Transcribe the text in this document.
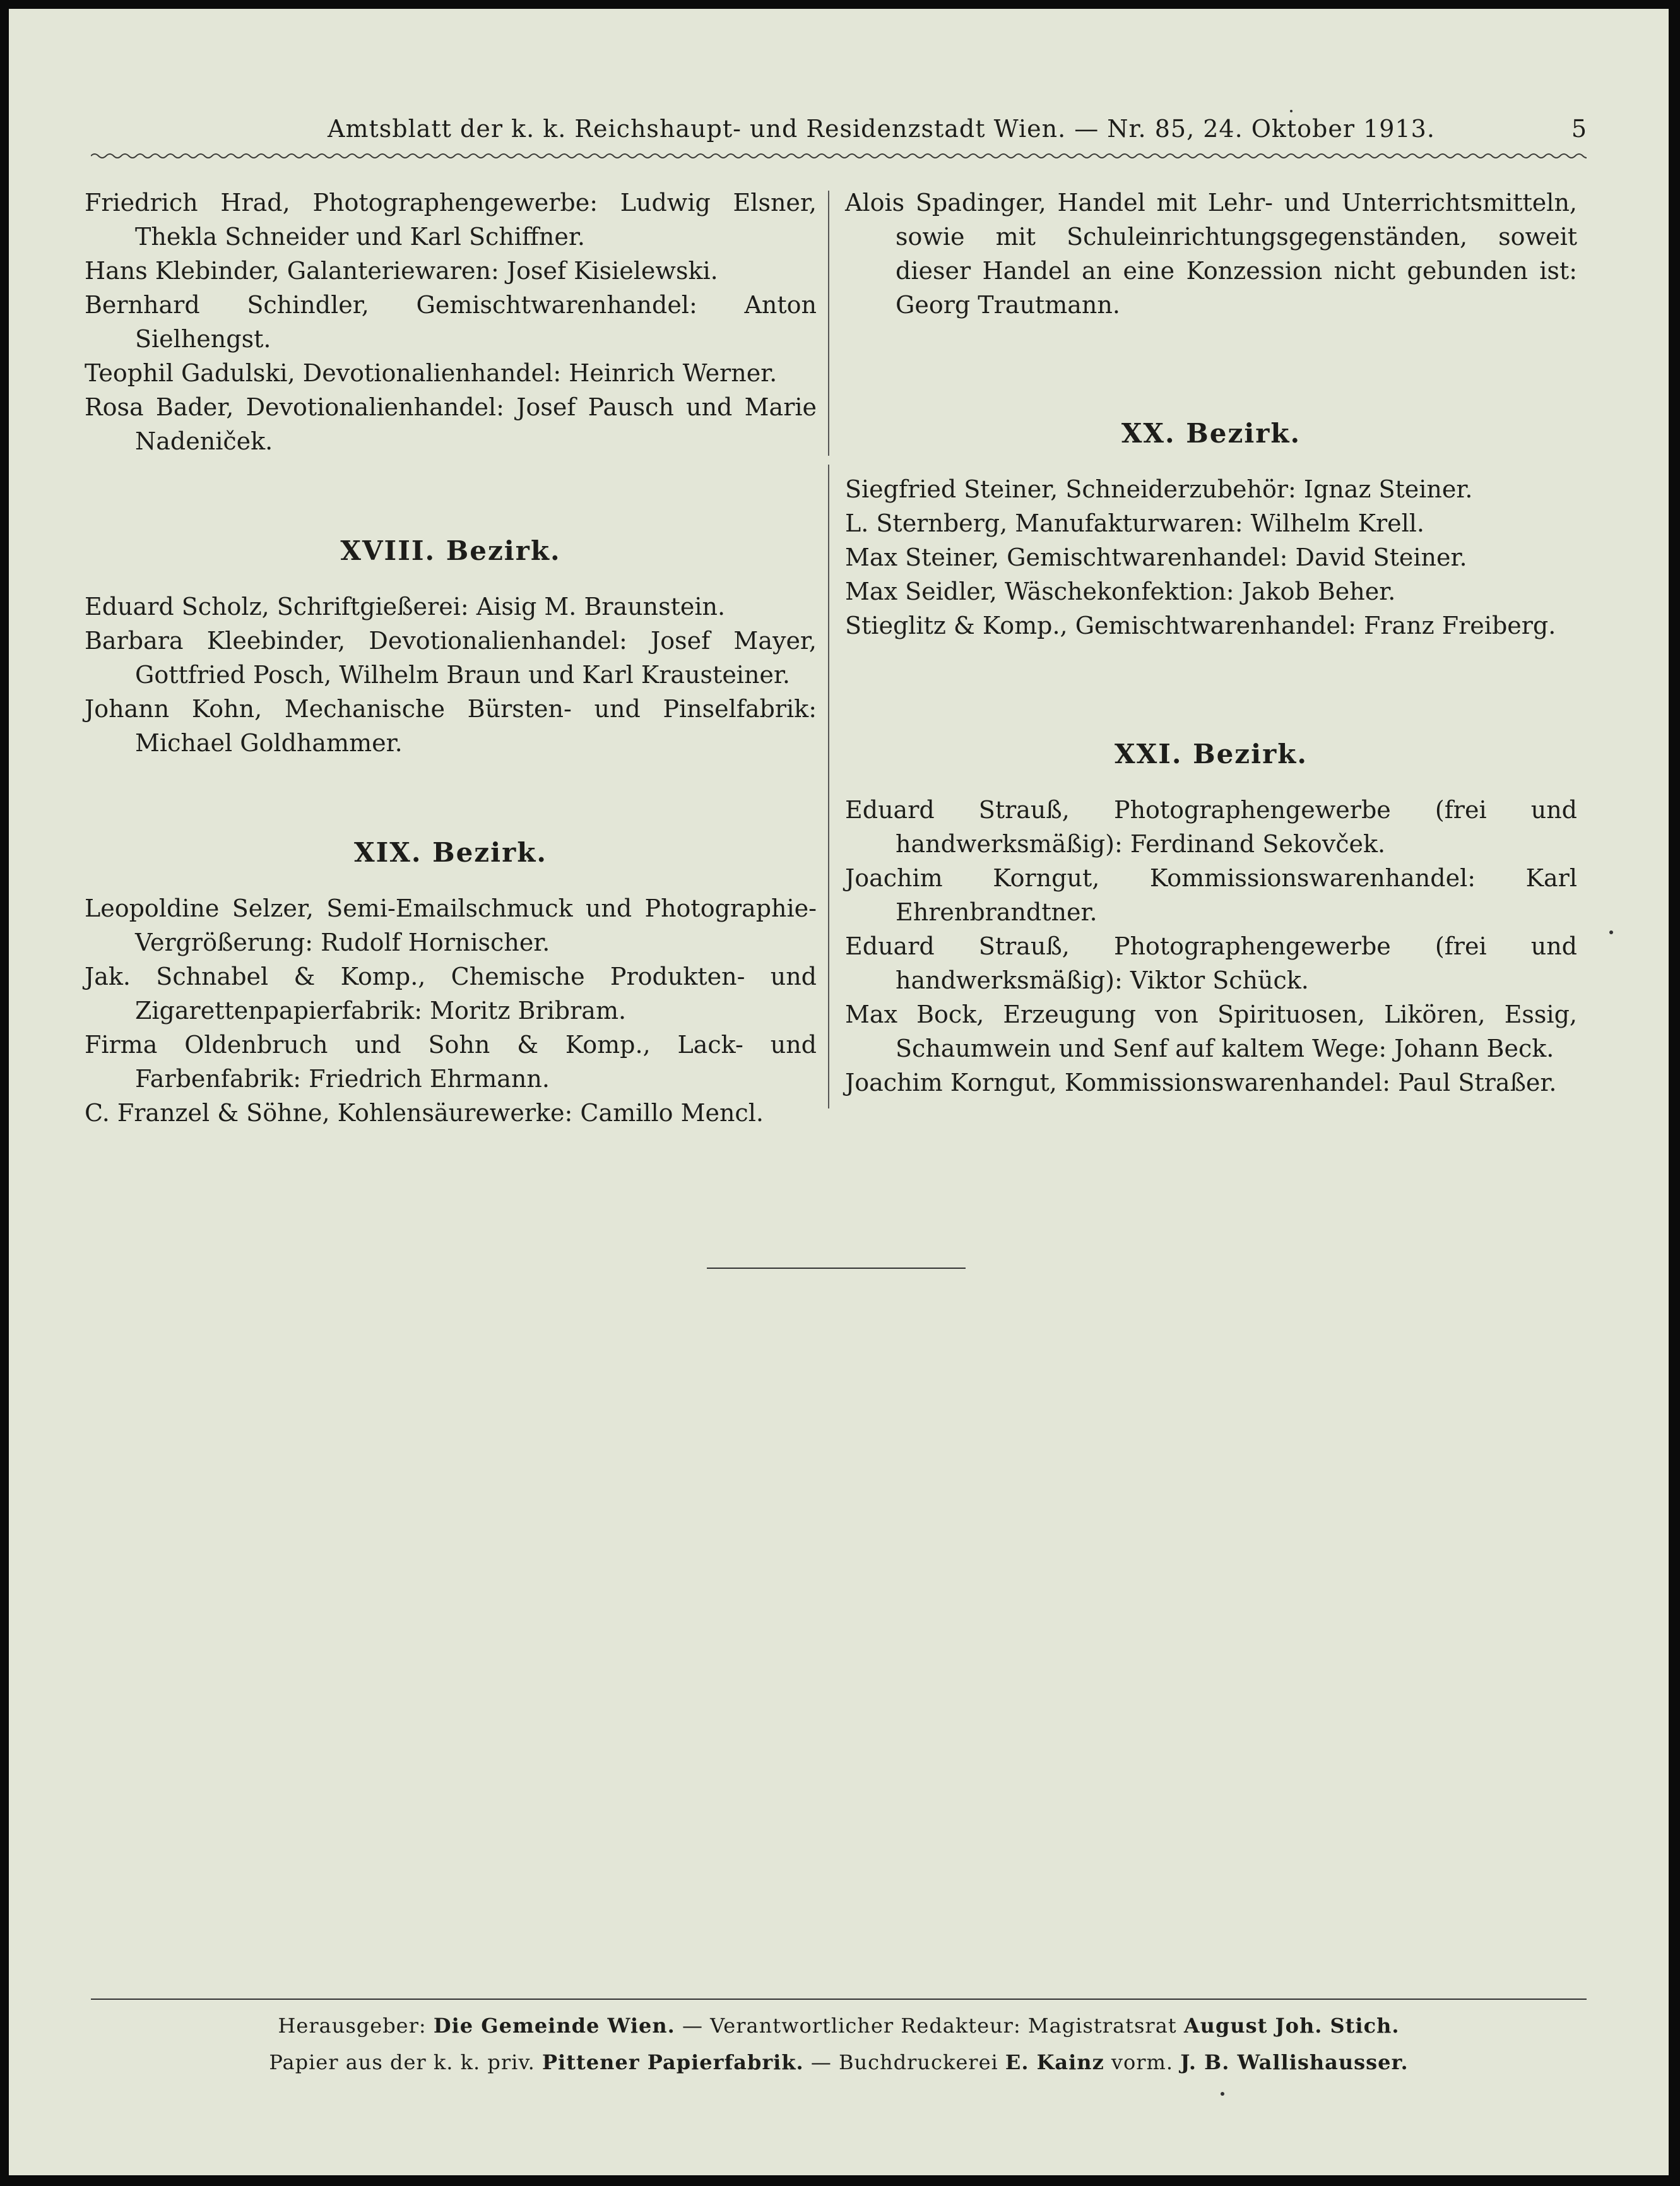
Amtsblatt der k. k. Reichshaupt- und Residenzstadt Wien. — Nr. 85, 24. Oktober 1913.	5

Friedrich Hrad, Photographengewerbe: Ludwig Elsner, Thekla Schneider und Karl Schiffner.

Hans Klebinder, Galanteriewaren: Josef Kisielewski.

Bernhard Schindler, Gemischtwarenhandel: Anton Sielhengst.

Teophil Gadulski, Devotionalienhandel: Heinrich Werner.

Rosa Bader, Devotionalienhandel: Josef Pausch und Marie Nadeniček.

XVIII. Bezirk.

Eduard Scholz, Schriftgießerei: Aisig M. Braunstein.

Barbara Kleebinder, Devotionalienhandel: Josef Mayer, Gottfried Posch, Wilhelm Braun und Karl Krausteiner.

Johann Kohn, Mechanische Bürsten- und Pinselfabrik: Michael Goldhammer.

XIX. Bezirk.

Leopoldine Selzer, Semi-Emailschmuck und Photographie-Vergrößerung: Rudolf Hornischer.

Jak. Schnabel & Komp., Chemische Produkten- und Zigarettenpapierfabrik: Moritz Bribram.

Firma Oldenbruch und Sohn & Komp., Lack- und Farbenfabrik: Friedrich Ehrmann.

C. Franzel & Söhne, Kohlensäurewerke: Camillo Mencl.

Alois Spadinger, Handel mit Lehr- und Unterrichtsmitteln, sowie mit Schuleinrichtungsgegenständen, soweit dieser Handel an eine Konzession nicht gebunden ist: Georg Trautmann.

XX. Bezirk.

Siegfried Steiner, Schneiderzubehör: Ignaz Steiner.

L. Sternberg, Manufakturwaren: Wilhelm Krell.

Max Steiner, Gemischtwarenhandel: David Steiner.

Max Seidler, Wäschekonfektion: Jakob Beher.

Stieglitz & Komp., Gemischtwarenhandel: Franz Freiberg.

XXI. Bezirk.

Eduard Strauß, Photographengewerbe (frei und handwerksmäßig): Ferdinand Sekovček.

Joachim Korngut, Kommissionswarenhandel: Karl Ehrenbrandtner.

Eduard Strauß, Photographengewerbe (frei und handwerksmäßig): Viktor Schück.

Max Bock, Erzeugung von Spirituosen, Likören, Essig, Schaumwein und Senf auf kaltem Wege: Johann Beck.

Joachim Korngut, Kommissionswarenhandel: Paul Straßer.

Herausgeber: Die Gemeinde Wien. — Verantwortlicher Redakteur: Magistratsrat August Joh. Stich.
Papier aus der k. k. priv. Pittener Papierfabrik. — Buchdruckerei E. Kainz vorm. J. B. Wallishausser.
